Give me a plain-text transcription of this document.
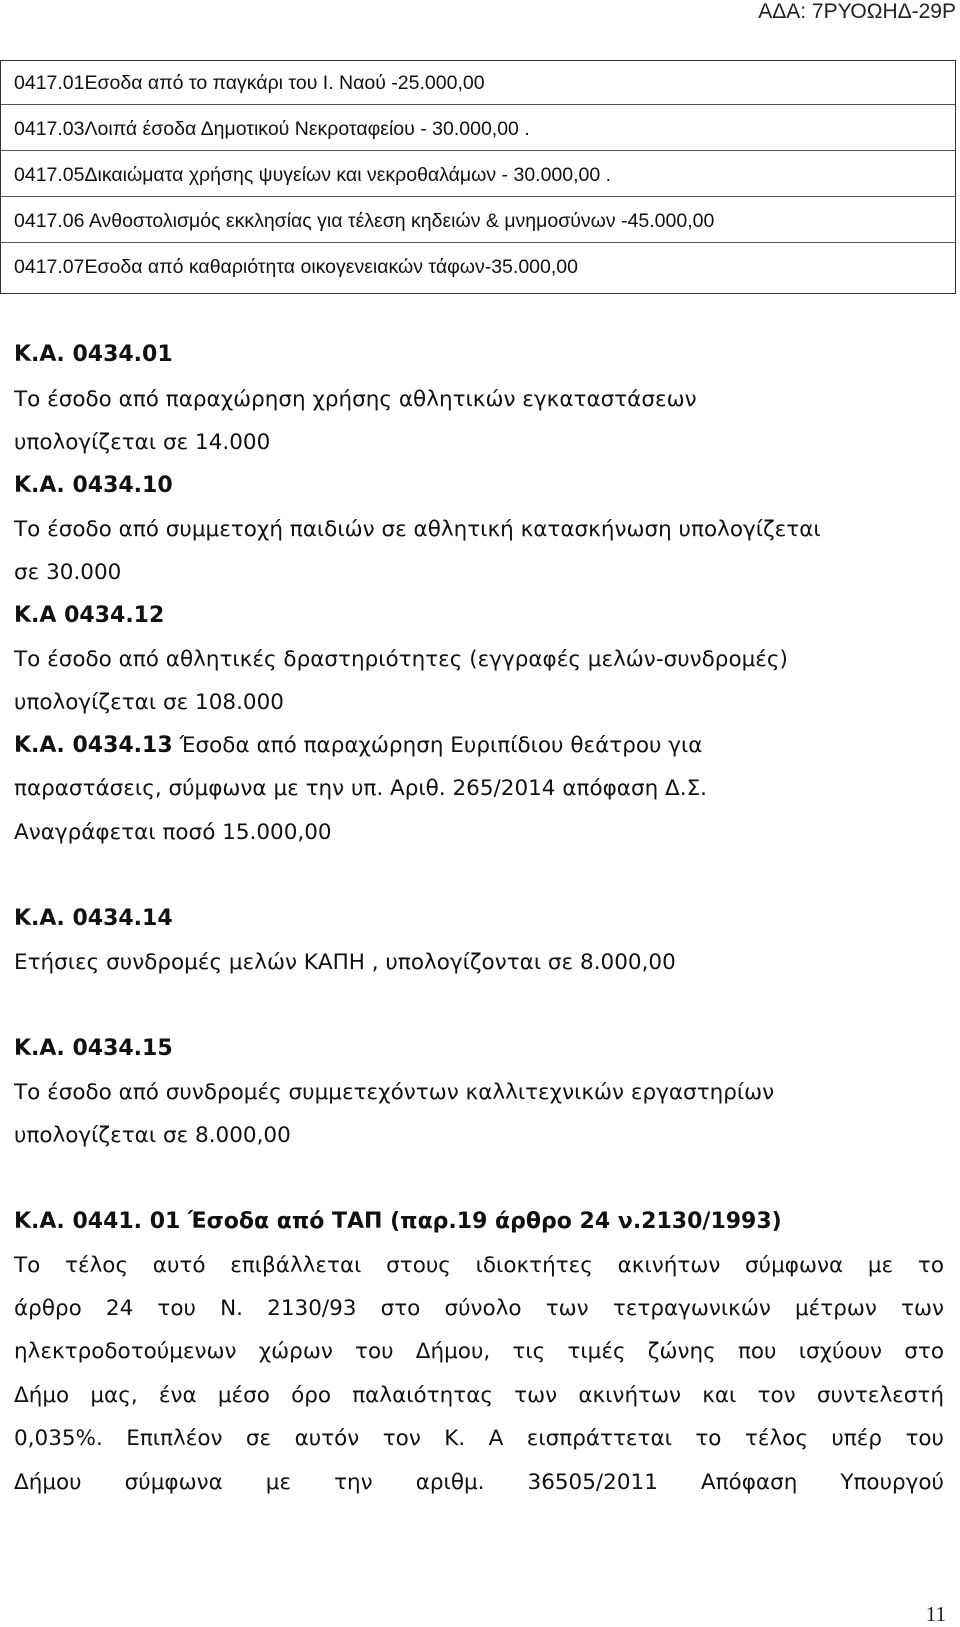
ΑΔΑ: 7ΡΥΟΩΗΔ-29Ρ
0417.01Εσοδα από το παγκάρι του Ι. Ναού -25.000,00
0417.03Λοιπά έσοδα Δημοτικού Νεκροταφείου - 30.000,00 .
0417.05Δικαιώματα χρήσης ψυγείων και νεκροθαλάμων - 30.000,00 .
0417.06 Ανθοστολισμός εκκλησίας για τέλεση κηδειών & μνημοσύνων -45.000,00
0417.07Εσοδα από καθαριότητα οικογενειακών τάφων-35.000,00
Κ.Α. 0434.01
Το έσοδο από παραχώρηση χρήσης αθλητικών εγκαταστάσεων
υπολογίζεται σε 14.000
Κ.Α. 0434.10
Το έσοδο από συμμετοχή παιδιών σε αθλητική κατασκήνωση υπολογίζεται
σε 30.000
Κ.Α 0434.12
Το έσοδο από αθλητικές δραστηριότητες (εγγραφές μελών-συνδρομές)
υπολογίζεται σε 108.000
Κ.Α. 0434.13 Έσοδα από παραχώρηση Ευριπίδιου θεάτρου για
παραστάσεις, σύμφωνα με την υπ. Αριθ. 265/2014 απόφαση Δ.Σ.
Αναγράφεται ποσό 15.000,00
Κ.Α. 0434.14
Ετήσιες συνδρομές μελών ΚΑΠΗ , υπολογίζονται σε 8.000,00
Κ.Α. 0434.15
Το έσοδο από συνδρομές συμμετεχόντων καλλιτεχνικών εργαστηρίων
υπολογίζεται σε 8.000,00
Κ.Α. 0441. 01 Έσοδα από ΤΑΠ (παρ.19 άρθρο 24 ν.2130/1993)
Το τέλος αυτό επιβάλλεται στους ιδιοκτήτες ακινήτων σύμφωνα με το
άρθρο 24 του Ν. 2130/93 στο σύνολο των τετραγωνικών μέτρων των
ηλεκτροδοτούμενων χώρων του Δήμου, τις τιμές ζώνης που ισχύουν στο
Δήμο μας, ένα μέσο όρο παλαιότητας των ακινήτων και τον συντελεστή
0,035%. Επιπλέον σε αυτόν τον Κ. Α εισπράττεται το τέλος υπέρ του
Δήμου σύμφωνα με την αριθμ. 36505/2011 Απόφαση Υπουργού
11
